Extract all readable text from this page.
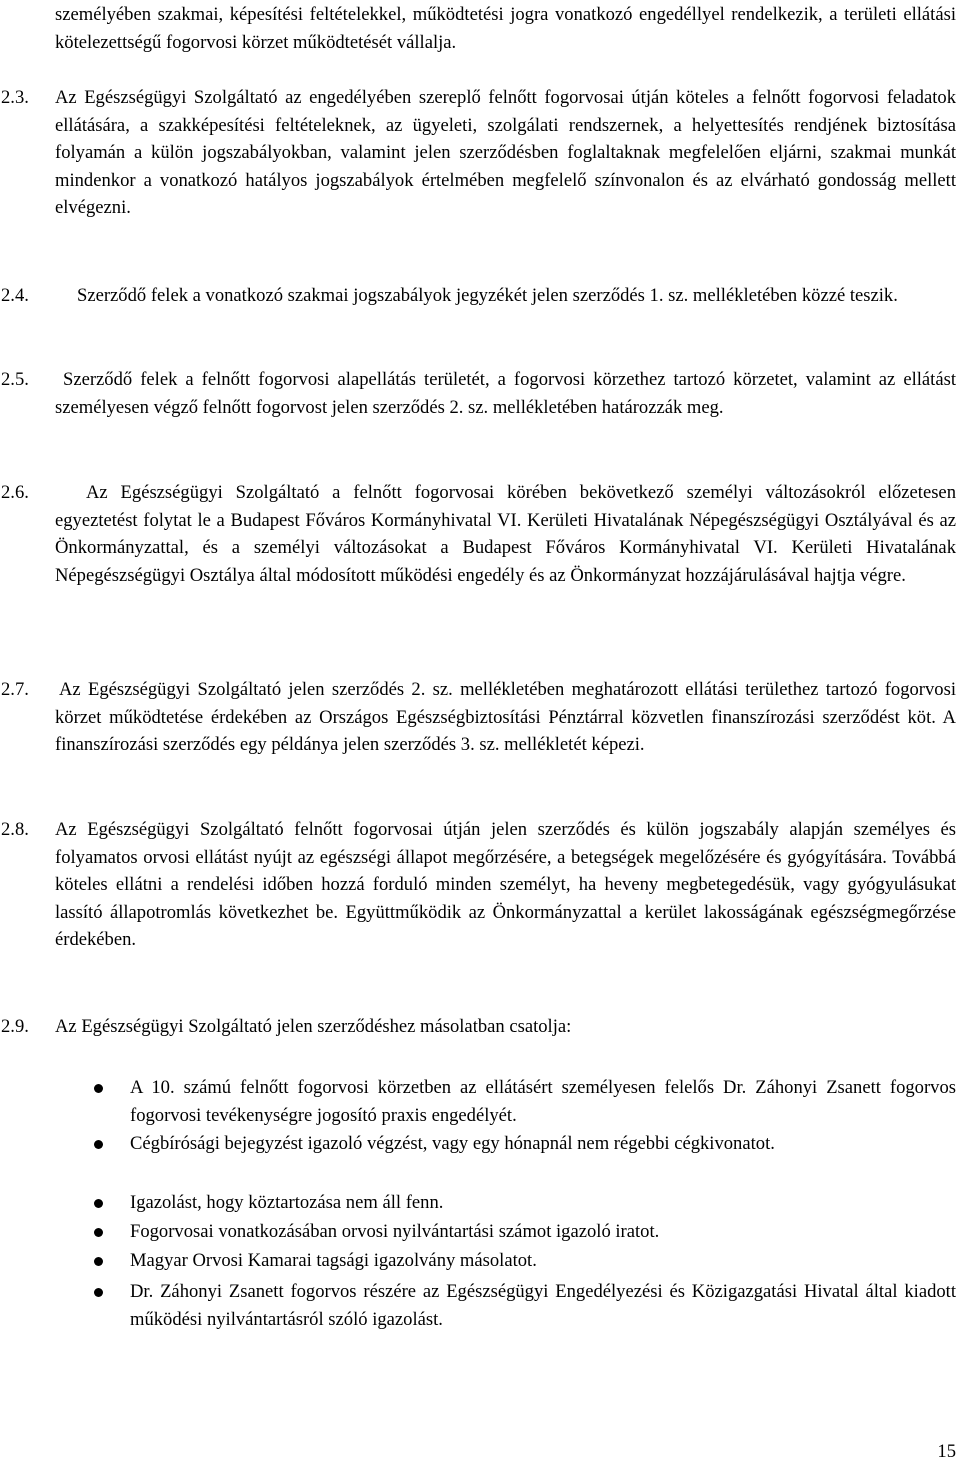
személyében szakmai, képesítési feltételekkel, működtetési jogra vonatkozó engedéllyel rendelkezik, a területi ellátási kötelezettségű fogorvosi körzet működtetését vállalja.

2.3. Az Egészségügyi Szolgáltató az engedélyében szereplő felnőtt fogorvosai útján köteles a felnőtt fogorvosi feladatok ellátására, a szakképesítési feltételeknek, az ügyeleti, szolgálati rendszernek, a helyettesítés rendjének biztosítása folyamán a külön jogszabályokban, valamint jelen szerződésben foglaltaknak megfelelően eljárni, szakmai munkát mindenkor a vonatkozó hatályos jogszabályok értelmében megfelelő színvonalon és az elvárható gondosság mellett elvégezni.

2.4.	Szerződő felek a vonatkozó szakmai jogszabályok jegyzékét jelen szerződés 1. sz. mellékletében közzé teszik.

2.5.	Szerződő felek a felnőtt fogorvosi alapellátás területét, a fogorvosi körzethez tartozó körzetet, valamint az ellátást személyesen végző felnőtt fogorvost jelen szerződés 2. sz. mellékletében határozzák meg.

2.6.	Az Egészségügyi Szolgáltató a felnőtt fogorvosai körében bekövetkező személyi változásokról előzetesen egyeztetést folytat le a Budapest Főváros Kormányhivatal VI. Kerületi Hivatalának Népegészségügyi Osztályával és az Önkormányzattal, és a személyi változásokat a Budapest Főváros Kormányhivatal VI. Kerületi Hivatalának Népegészségügyi Osztálya által módosított működési engedély és az Önkormányzat hozzájárulásával hajtja végre.

2.7. Az Egészségügyi Szolgáltató jelen szerződés 2. sz. mellékletében meghatározott ellátási területhez tartozó fogorvosi körzet működtetése érdekében az Országos Egészségbiztosítási Pénztárral közvetlen finanszírozási szerződést köt. A finanszírozási szerződés egy példánya jelen szerződés 3. sz. mellékletét képezi.

2.8. Az Egészségügyi Szolgáltató felnőtt fogorvosai útján jelen szerződés és külön jogszabály alapján személyes és folyamatos orvosi ellátást nyújt az egészségi állapot megőrzésére, a betegségek megelőzésére és gyógyítására. Továbbá köteles ellátni a rendelési időben hozzá forduló minden személyt, ha heveny megbetegedésük, vagy gyógyulásukat lassító állapotromlás következhet be. Együttműködik az Önkormányzattal a kerület lakosságának egészségmegőrzése érdekében.

2.9. Az Egészségügyi Szolgáltató jelen szerződéshez másolatban csatolja:

A 10. számú felnőtt fogorvosi körzetben az ellátásért személyesen felelős Dr. Záhonyi Zsanett fogorvos fogorvosi tevékenységre jogosító praxis engedélyét.

Cégbírósági bejegyzést igazoló végzést, vagy egy hónapnál nem régebbi cégkivonatot.

Igazolást, hogy köztartozása nem áll fenn.

Fogorvosai vonatkozásában orvosi nyilvántartási számot igazoló iratot.

Magyar Orvosi Kamarai tagsági igazolvány másolatot.

Dr. Záhonyi Zsanett fogorvos részére az Egészségügyi Engedélyezési és Közigazgatási Hivatal által kiadott működési nyilvántartásról szóló igazolást.

15
